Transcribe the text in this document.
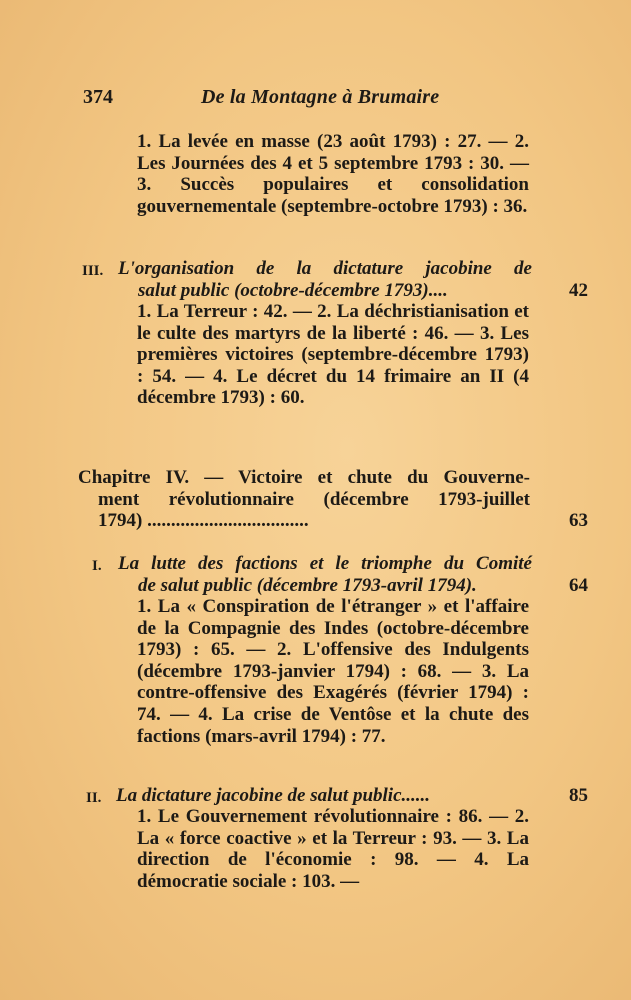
374	De la Montagne à Brumaire
1. La levée en masse (23 août 1793) : 27. — 2. Les Journées des 4 et 5 septembre 1793 : 30. — 3. Succès populaires et consolidation gouvernementale (septembre-octobre 1793) : 36.
III. L'organisation de la dictature jacobine de
salut public (octobre-décembre 1793)....	42
1. La Terreur : 42. — 2. La déchristianisation et le culte des martyrs de la liberté : 46. — 3. Les premières victoires (septembre-décembre 1793) : 54. — 4. Le décret du 14 frimaire an II (4 décembre 1793) : 60.
Chapitre IV. — Victoire et chute du Gouverne-
ment révolutionnaire (décembre 1793-juillet
1794) ..................................	63
I. La lutte des factions et le triomphe du Comité
de salut public (décembre 1793-avril 1794).	64
1. La « Conspiration de l'étranger » et l'affaire de la Compagnie des Indes (octobre-décembre 1793) : 65. — 2. L'offensive des Indulgents (décembre 1793-janvier 1794) : 68. — 3. La contre-offensive des Exagérés (février 1794) : 74. — 4. La crise de Ventôse et la chute des factions (mars-avril 1794) : 77.
II. La dictature jacobine de salut public......	85
1. Le Gouvernement révolutionnaire : 86. — 2. La « force coactive » et la Terreur : 93. — 3. La direction de l'économie : 98. — 4. La démocratie sociale : 103. —
